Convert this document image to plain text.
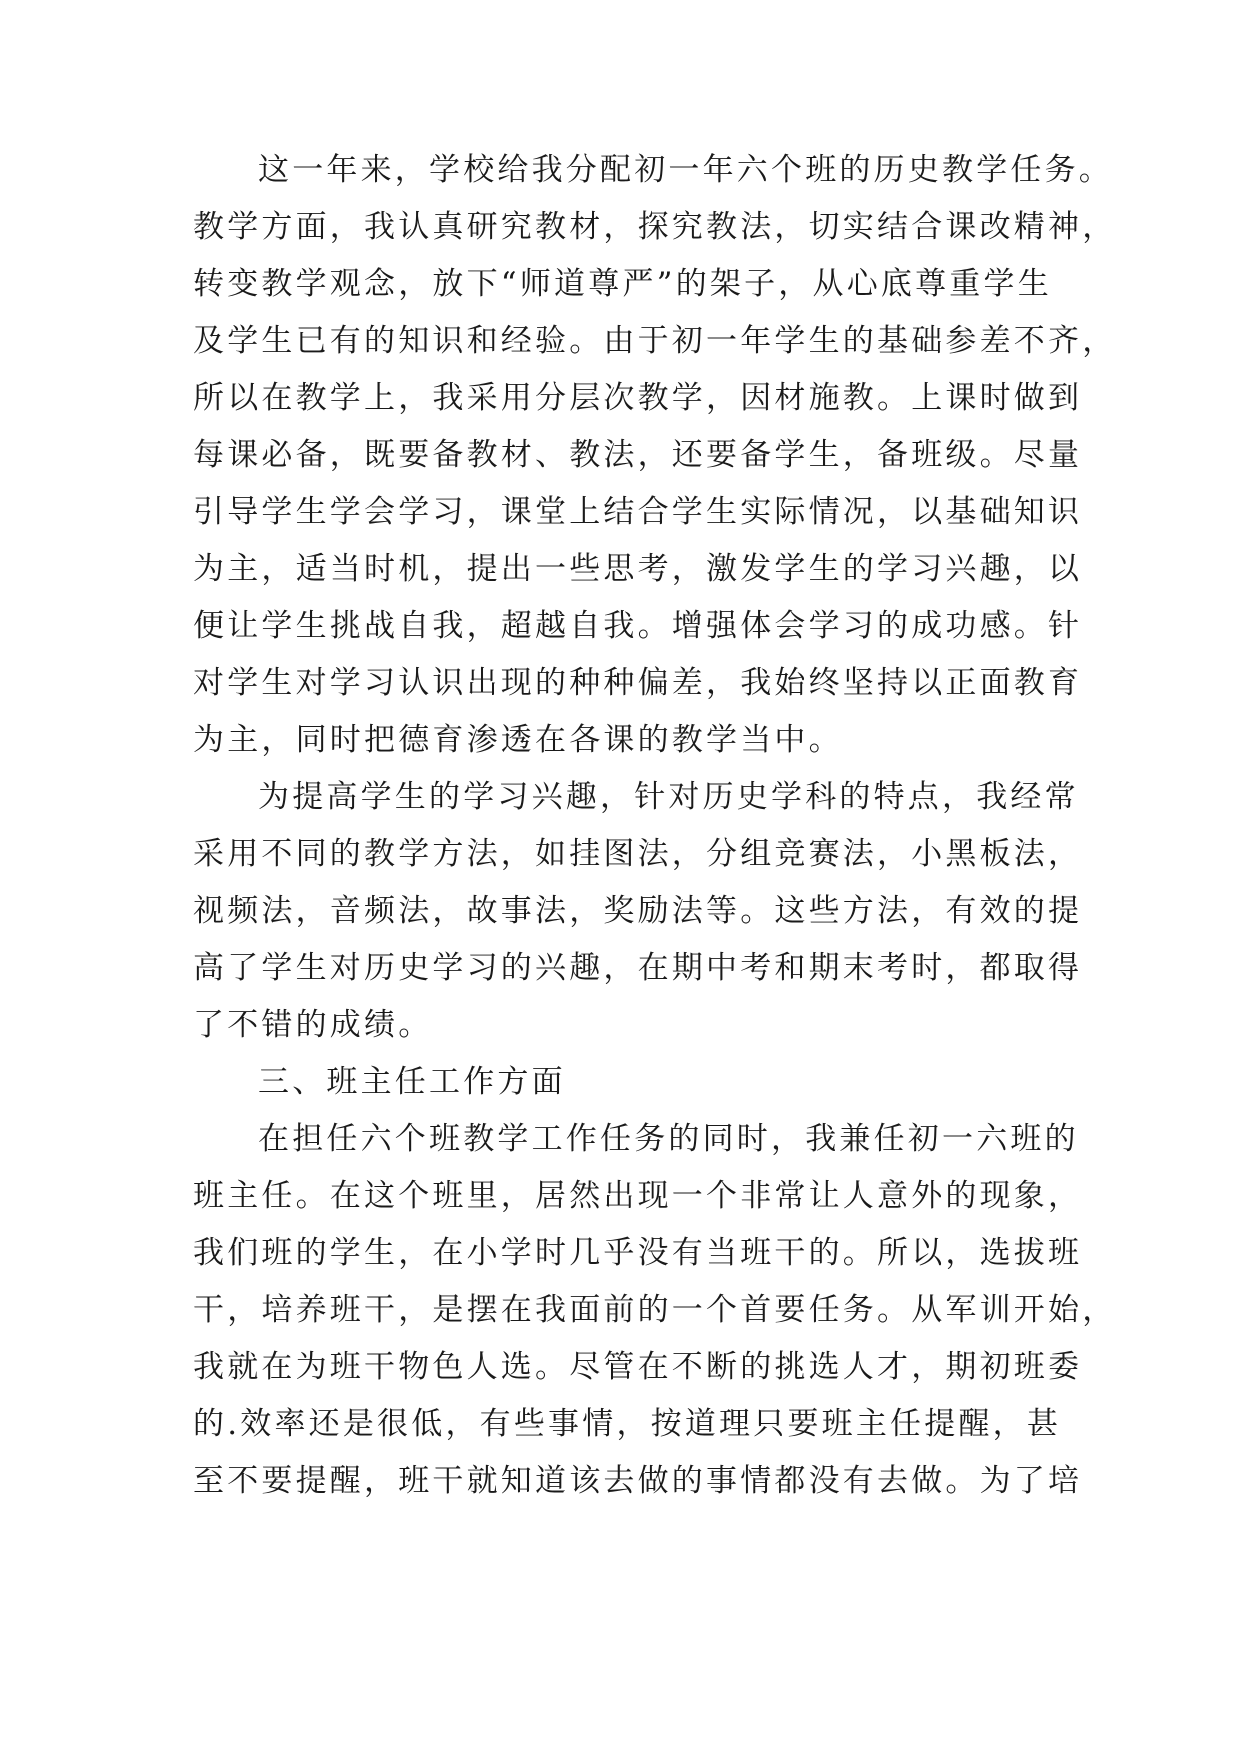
这一年来，学校给我分配初一年六个班的历史教学任务。
教学方面，我认真研究教材，探究教法，切实结合课改精神，
转变教学观念，放下“师道尊严”的架子，从心底尊重学生
及学生已有的知识和经验。由于初一年学生的基础参差不齐，
所以在教学上，我采用分层次教学，因材施教。上课时做到
每课必备，既要备教材、教法，还要备学生，备班级。尽量
引导学生学会学习，课堂上结合学生实际情况，以基础知识
为主，适当时机，提出一些思考，激发学生的学习兴趣，以
便让学生挑战自我，超越自我。增强体会学习的成功感。针
对学生对学习认识出现的种种偏差，我始终坚持以正面教育
为主，同时把德育渗透在各课的教学当中。
为提高学生的学习兴趣，针对历史学科的特点，我经常
采用不同的教学方法，如挂图法，分组竞赛法，小黑板法，
视频法，音频法，故事法，奖励法等。这些方法，有效的提
高了学生对历史学习的兴趣，在期中考和期末考时，都取得
了不错的成绩。
三、班主任工作方面
在担任六个班教学工作任务的同时，我兼任初一六班的
班主任。在这个班里，居然出现一个非常让人意外的现象，
我们班的学生，在小学时几乎没有当班干的。所以，选拔班
干，培养班干，是摆在我面前的一个首要任务。从军训开始，
我就在为班干物色人选。尽管在不断的挑选人才，期初班委
的.效率还是很低，有些事情，按道理只要班主任提醒，甚
至不要提醒，班干就知道该去做的事情都没有去做。为了培
